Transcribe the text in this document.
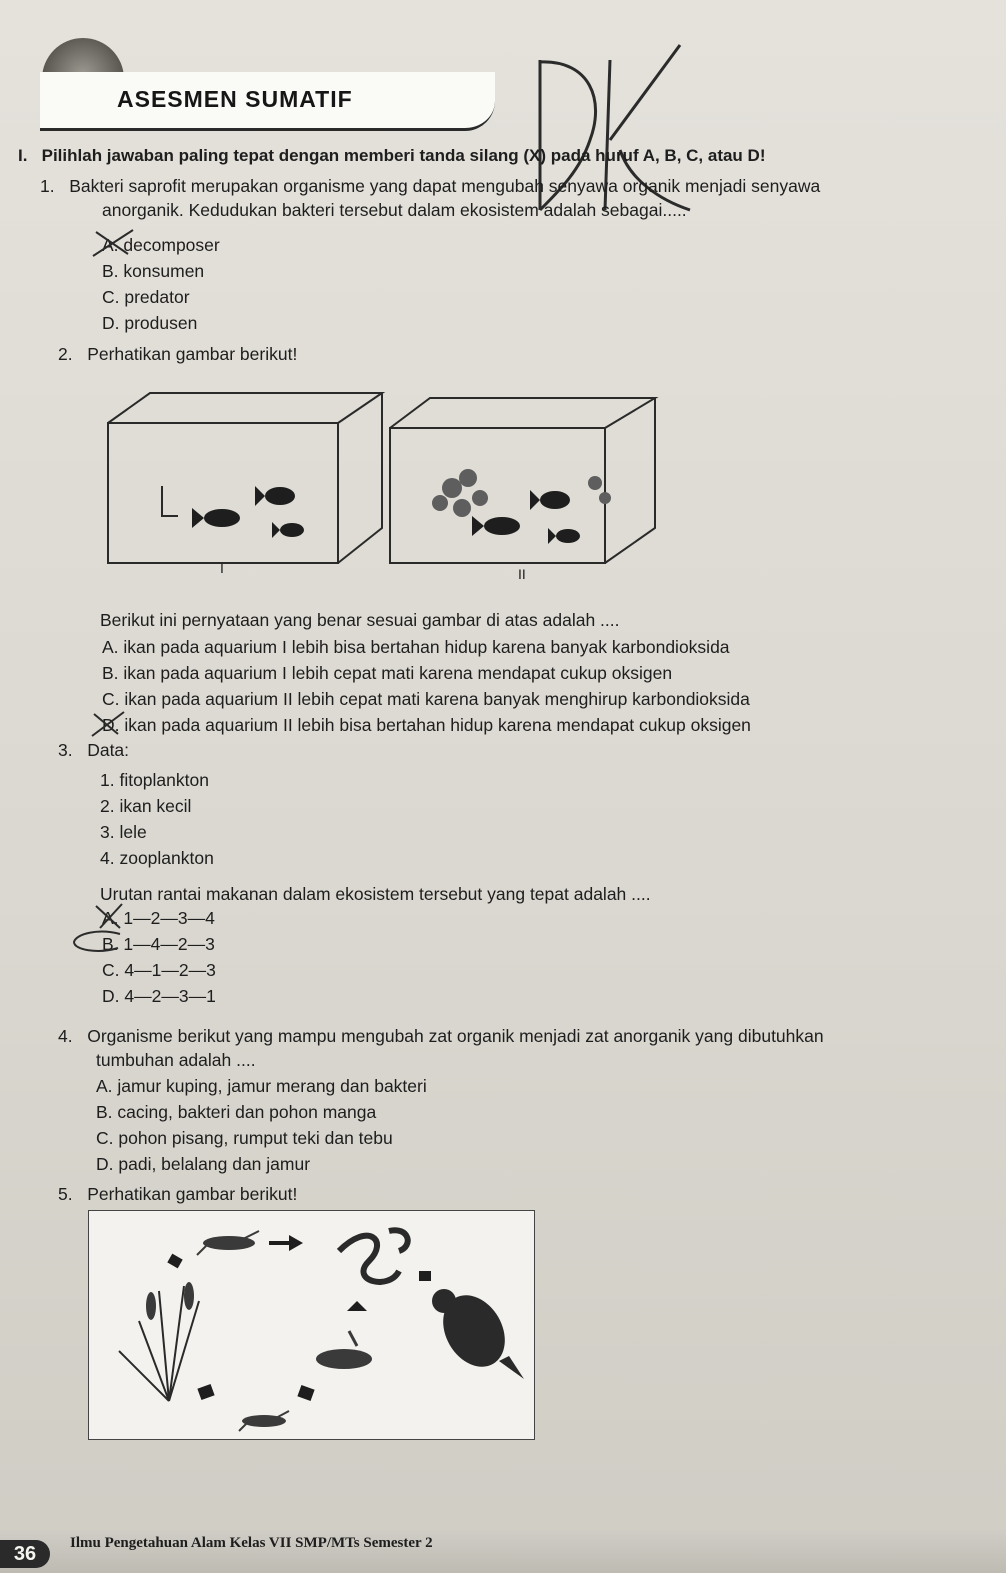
ASESMEN SUMATIF
I. Pilihlah jawaban paling tepat dengan memberi tanda silang (X) pada huruf A, B, C, atau D!
1. Bakteri saprofit merupakan organisme yang dapat mengubah senyawa organik menjadi senyawa
anorganik. Kedudukan bakteri tersebut dalam ekosistem adalah sebagai.....
A. decomposer
B. konsumen
C. predator
D. produsen
2. Perhatikan gambar berikut!
I	II
Berikut ini pernyataan yang benar sesuai gambar di atas adalah ....
A. ikan pada aquarium I lebih bisa bertahan hidup karena banyak karbondioksida
B. ikan pada aquarium I lebih cepat mati karena mendapat cukup oksigen
C. ikan pada aquarium II lebih cepat mati karena banyak menghirup karbondioksida
D. ikan pada aquarium II lebih bisa bertahan hidup karena mendapat cukup oksigen
3. Data:
1. fitoplankton
2. ikan kecil
3. lele
4. zooplankton
Urutan rantai makanan dalam ekosistem tersebut yang tepat adalah ....
A. 1—2—3—4
B. 1—4—2—3
C. 4—1—2—3
D. 4—2—3—1
4. Organisme berikut yang mampu mengubah zat organik menjadi zat anorganik yang dibutuhkan
tumbuhan adalah ....
A. jamur kuping, jamur merang dan bakteri
B. cacing, bakteri dan pohon manga
C. pohon pisang, rumput teki dan tebu
D. padi, belalang dan jamur
5. Perhatikan gambar berikut!
36	Ilmu Pengetahuan Alam Kelas VII SMP/MTs Semester 2
